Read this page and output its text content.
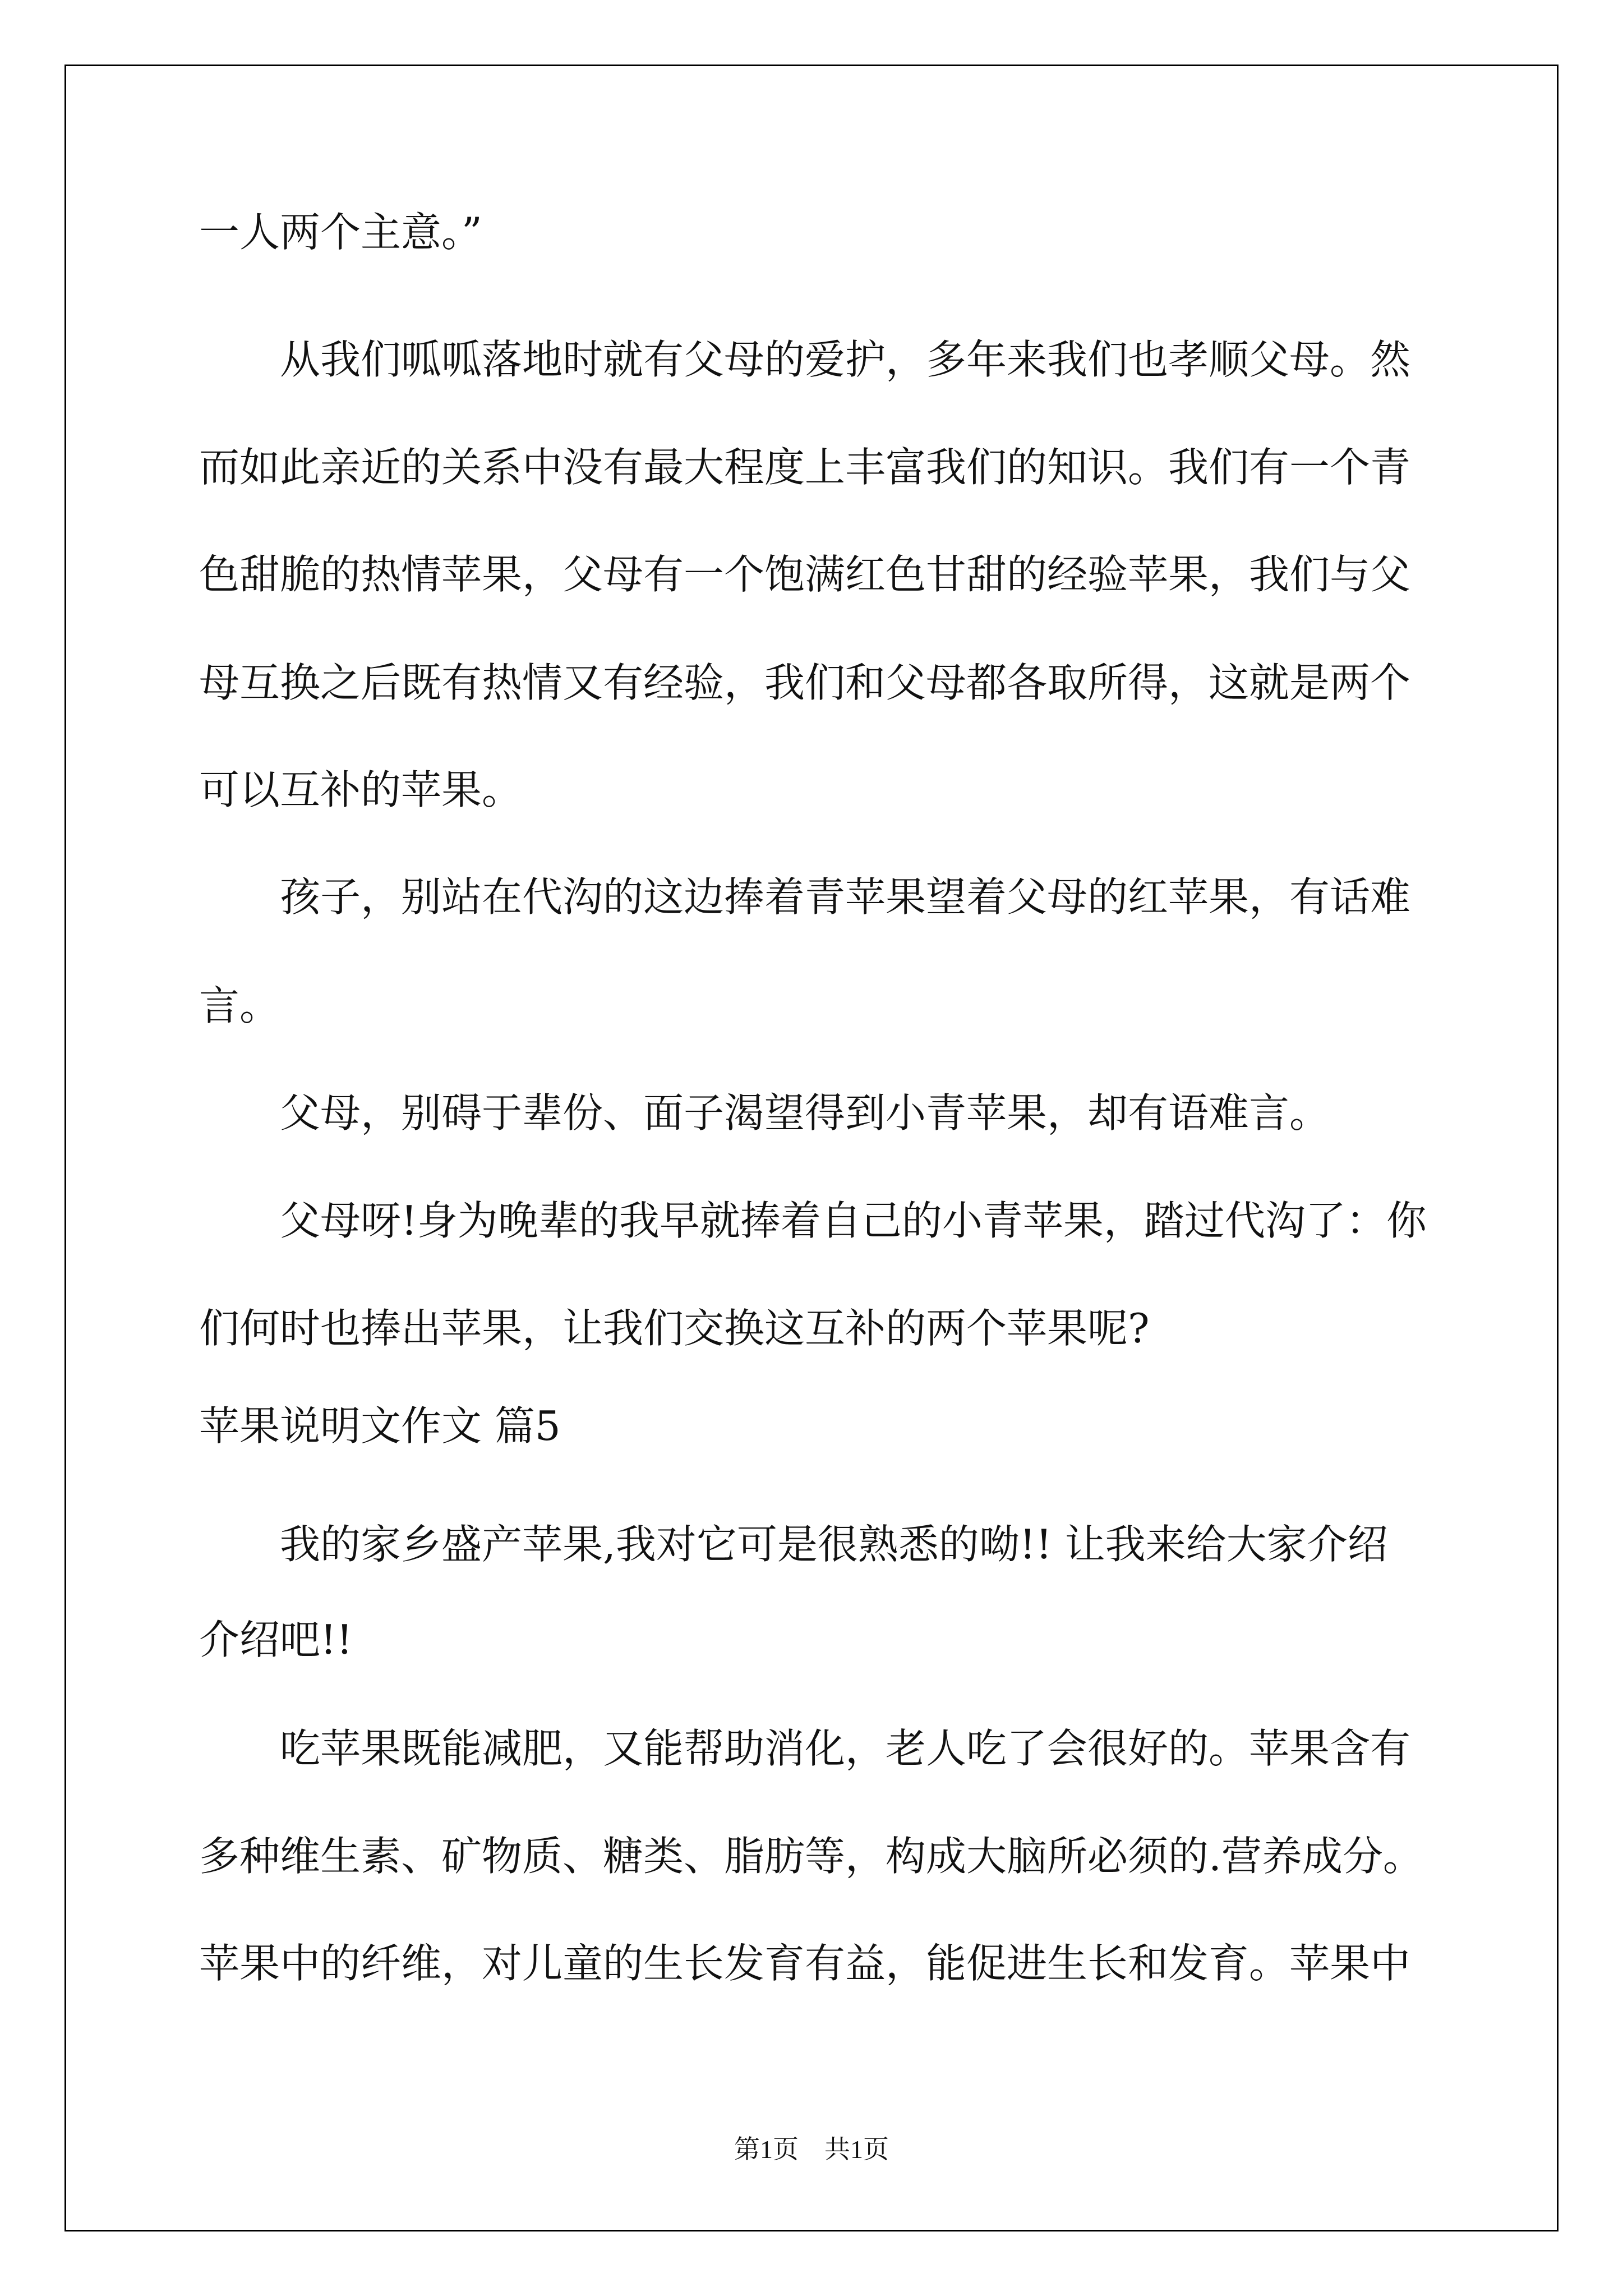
一人两个主意。”
从我们呱呱落地时就有父母的爱护，多年来我们也孝顺父母。然
而如此亲近的关系中没有最大程度上丰富我们的知识。我们有一个青
色甜脆的热情苹果，父母有一个饱满红色甘甜的经验苹果，我们与父
母互换之后既有热情又有经验，我们和父母都各取所得，这就是两个
可以互补的苹果。
孩子，别站在代沟的这边捧着青苹果望着父母的红苹果，有话难
言。
父母，别碍于辈份、面子渴望得到小青苹果，却有语难言。
父母呀!身为晚辈的我早就捧着自己的小青苹果，踏过代沟了：你
们何时也捧出苹果，让我们交换这互补的两个苹果呢?
苹果说明文作文 篇5
我的家乡盛产苹果,我对它可是很熟悉的呦!! 让我来给大家介绍
介绍吧!!
吃苹果既能减肥，又能帮助消化，老人吃了会很好的。苹果含有
多种维生素、矿物质、糖类、脂肪等，构成大脑所必须的.营养成分。
苹果中的纤维，对儿童的生长发育有益，能促进生长和发育。苹果中
第1页　共1页
